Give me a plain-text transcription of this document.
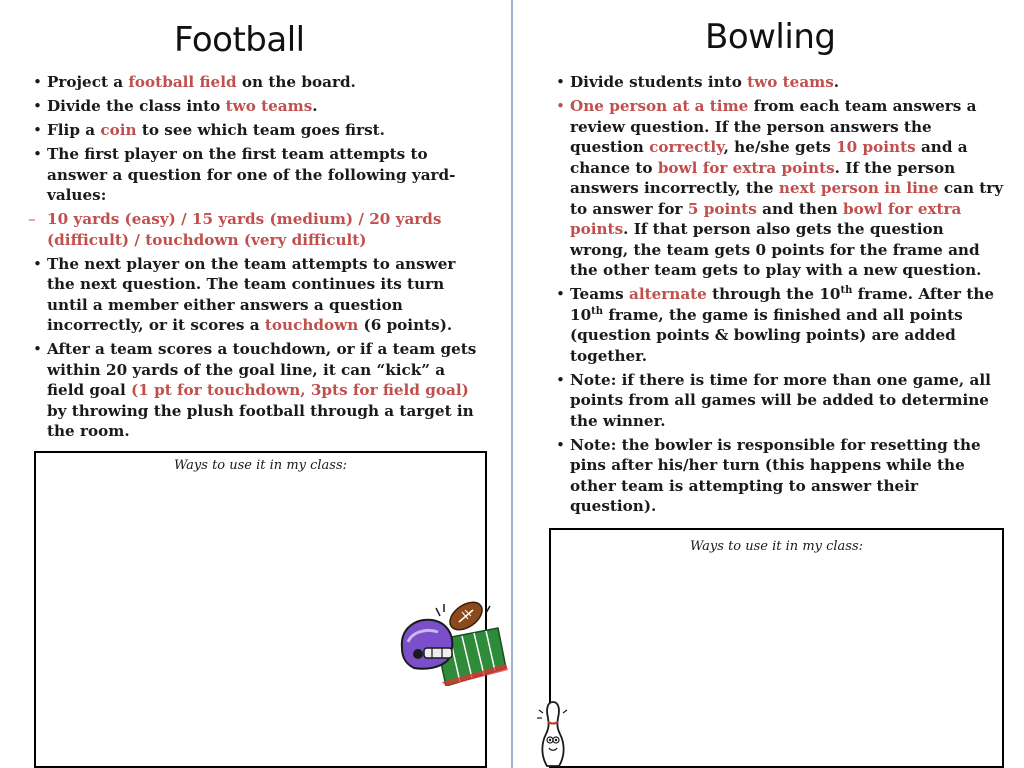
Football	Bowling
• Project a football field on the board.
• Divide the class into two teams.
• Flip a coin to see which team goes first.
• The first player on the first team attempts to answer a question for one of the following yard-values:
– 10 yards (easy) / 15 yards (medium) / 20 yards (difficult) / touchdown (very difficult)
• The next player on the team attempts to answer the next question. The team continues its turn until a member either answers a question incorrectly, or it scores a touchdown (6 points).
• After a team scores a touchdown, or if a team gets within 20 yards of the goal line, it can “kick” a field goal (1 pt for touchdown, 3pts for field goal) by throwing the plush football through a target in the room.
• Divide students into two teams.
• One person at a time from each team answers a review question. If the person answers the question correctly, he/she gets 10 points and a chance to bowl for extra points. If the person answers incorrectly, the next person in line can try to answer for 5 points and then bowl for extra points. If that person also gets the question wrong, the team gets 0 points for the frame and the other team gets to play with a new question.
• Teams alternate through the 10th frame. After the 10th frame, the game is finished and all points (question points & bowling points) are added together.
• Note: if there is time for more than one game, all points from all games will be added to determine the winner.
• Note: the bowler is responsible for resetting the pins after his/her turn (this happens while the other team is attempting to answer their question).
Ways to use it in my class:
Ways to use it in my class:
